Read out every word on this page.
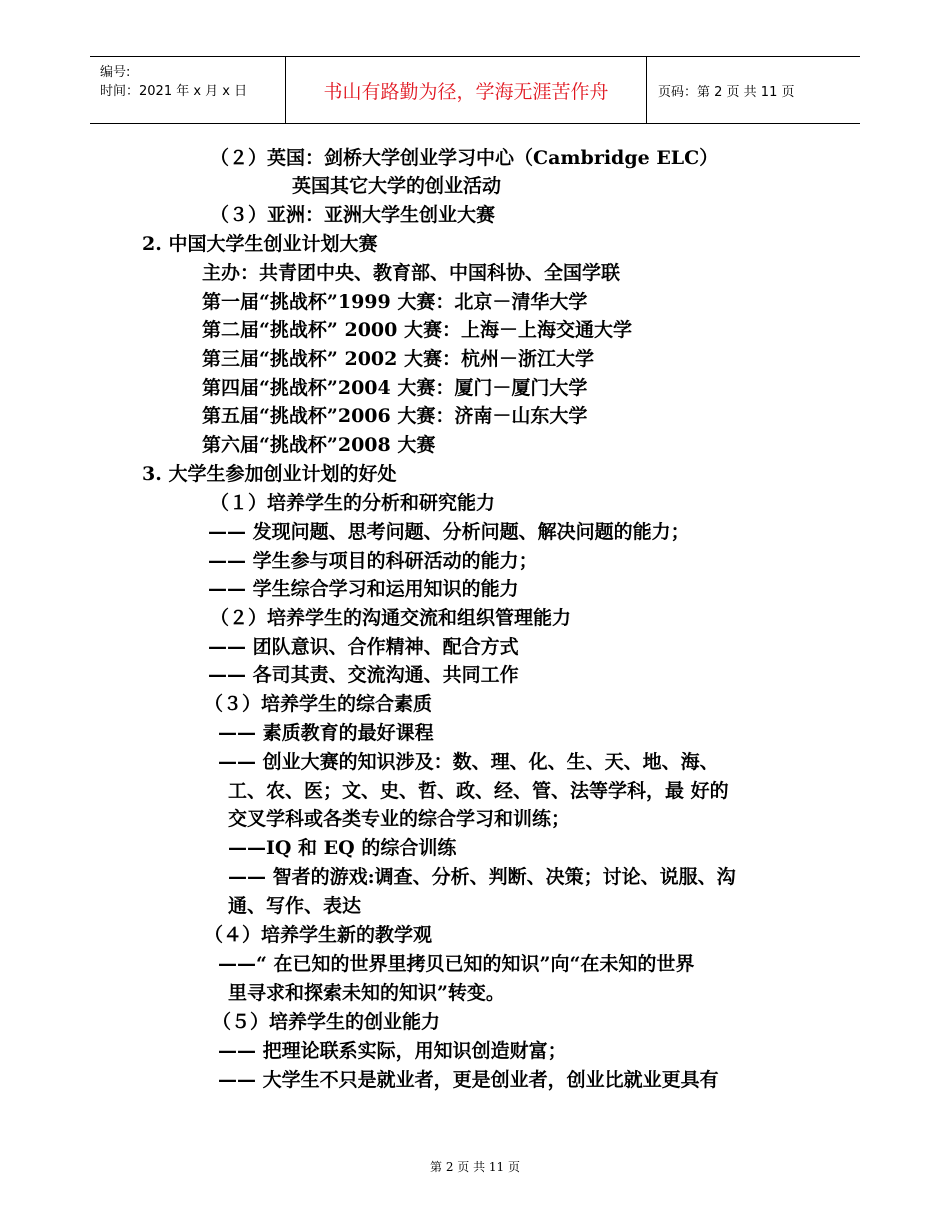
编号:
时间：2021 年 x 月 x 日	书山有路勤为径，学海无涯苦作舟	页码：第 2 页 共 11 页
（２）英国：剑桥大学创业学习中心（Cambridge ELC）
英国其它大学的创业活动
（３）亚洲：亚洲大学生创业大赛
2. 中国大学生创业计划大赛
主办：共青团中央、教育部、中国科协、全国学联
第一届“挑战杯”1999 大赛：北京－清华大学
第二届“挑战杯” 2000 大赛：上海－上海交通大学
第三届“挑战杯” 2002 大赛：杭州－浙江大学
第四届“挑战杯”2004 大赛：厦门－厦门大学
第五届“挑战杯”2006 大赛：济南－山东大学
第六届“挑战杯”2008 大赛
3. 大学生参加创业计划的好处
（１）培养学生的分析和研究能力
—— 发现问题、思考问题、分析问题、解决问题的能力；
—— 学生参与项目的科研活动的能力；
—— 学生综合学习和运用知识的能力
（２）培养学生的沟通交流和组织管理能力
—— 团队意识、合作精神、配合方式
—— 各司其责、交流沟通、共同工作
（３）培养学生的综合素质
—— 素质教育的最好课程
—— 创业大赛的知识涉及：数、理、化、生、天、地、海、
工、农、医；文、史、哲、政、经、管、法等学科，最 好的
交叉学科或各类专业的综合学习和训练；
——IQ 和 EQ 的综合训练
—— 智者的游戏:调查、分析、判断、决策；讨论、说服、沟
通、写作、表达
（４）培养学生新的教学观
——“ 在已知的世界里拷贝已知的知识”向“在未知的世界
里寻求和探索未知的知识”转变。
（５）培养学生的创业能力
—— 把理论联系实际，用知识创造财富；
—— 大学生不只是就业者，更是创业者，创业比就业更具有
第 2 页 共 11 页
